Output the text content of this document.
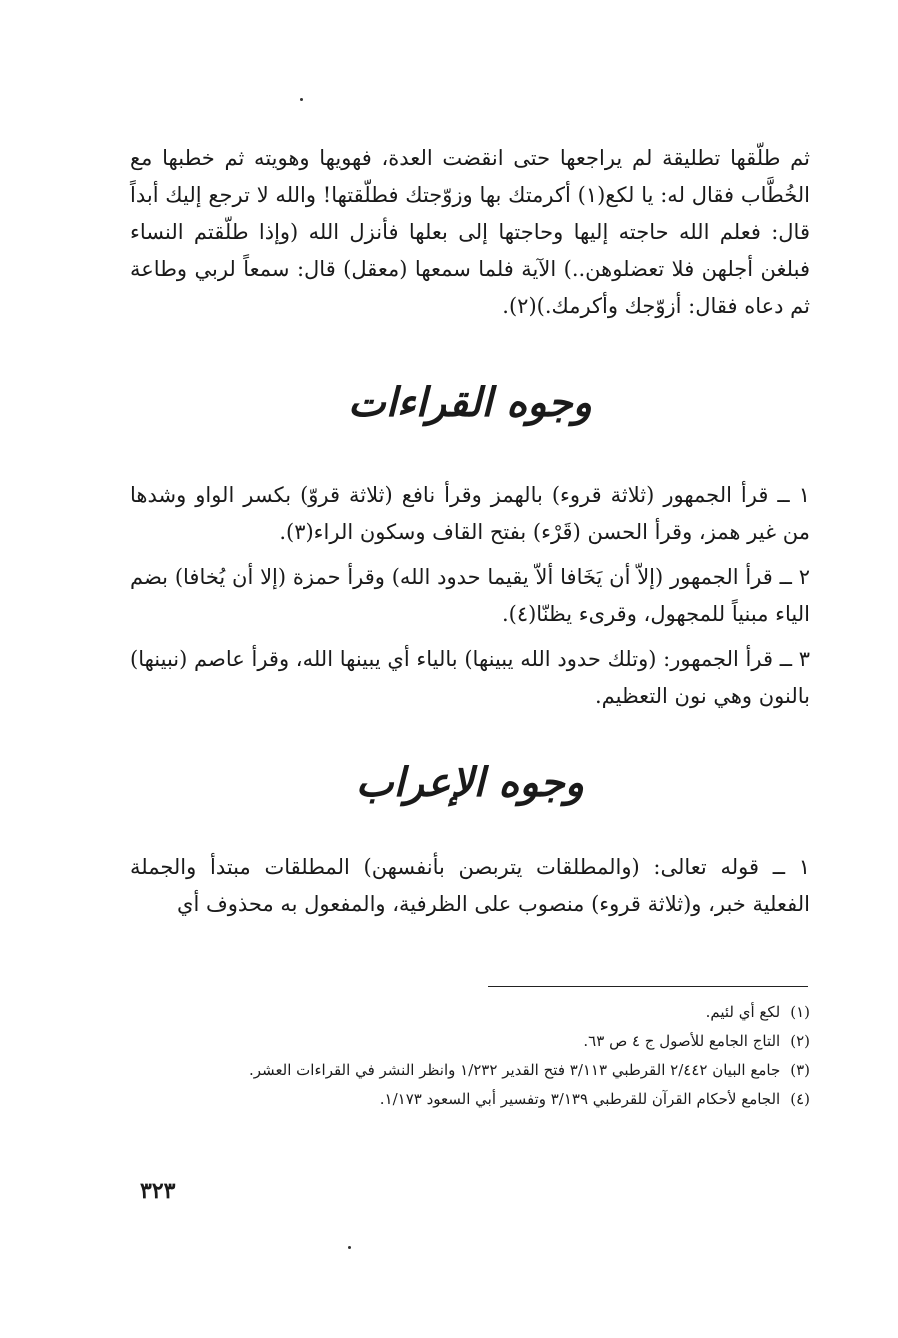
ثم طلّقها تطليقة لم يراجعها حتى انقضت العدة، فهويها وهويته ثم خطبها مع الخُطَّاب فقال له: يا لكع(١) أكرمتك بها وزوّجتك فطلّقتها! والله لا ترجع إليك أبداً قال: فعلم الله حاجته إليها وحاجتها إلى بعلها فأنزل الله (وإذا طلّقتم النساء فبلغن أجلهن فلا تعضلوهن..) الآية فلما سمعها (معقل) قال: سمعاً لربي وطاعة ثم دعاه فقال: أزوّجك وأكرمك.)(٢).

وجوه القراءات

١ ــ قرأ الجمهور (ثلاثة قروء) بالهمز وقرأ نافع (ثلاثة قروّ) بكسر الواو وشدها من غير همز، وقرأ الحسن (قَرْء) بفتح القاف وسكون الراء(٣).

٢ ــ قرأ الجمهور (إلاّ أن يَخَافا ألاّ يقيما حدود الله) وقرأ حمزة (إلا أن يُخافا) بضم الياء مبنياً للمجهول، وقرىء يظنّا(٤).

٣ ــ قرأ الجمهور: (وتلك حدود الله يبينها) بالياء أي يبينها الله، وقرأ عاصم (نبينها) بالنون وهي نون التعظيم.

وجوه الإعراب

١ ــ قوله تعالى: (والمطلقات يتربصن بأنفسهن) المطلقات مبتدأ والجملة الفعلية خبر، و(ثلاثة قروء) منصوب على الظرفية، والمفعول به محذوف أي

(١)لكع أي لئيم.

(٢)التاج الجامع للأصول ج ٤ ص ٦٣.

(٣)جامع البيان ٢/٤٤٢ القرطبي ٣/١١٣ فتح القدير ١/٢٣٢ وانظر النشر في القراءات العشر.

(٤)الجامع لأحكام القرآن للقرطبي ٣/١٣٩ وتفسير أبي السعود ١/١٧٣.

٣٢٣
